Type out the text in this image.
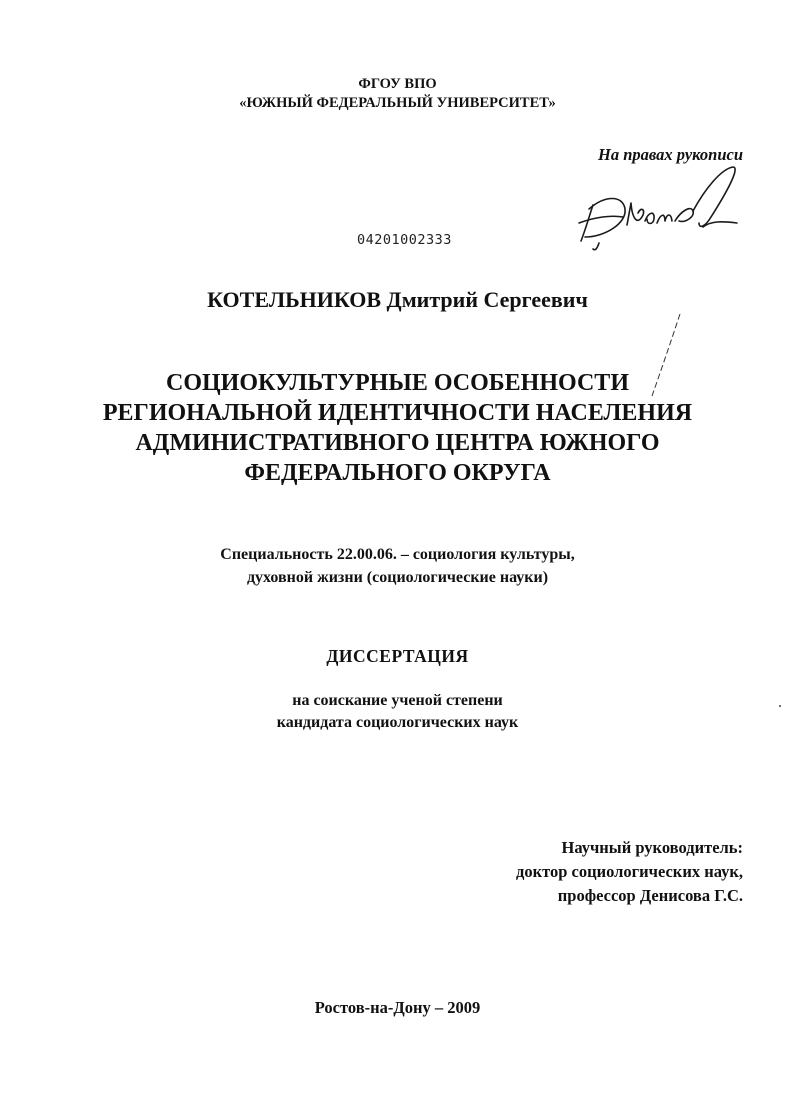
ФГОУ ВПО
«ЮЖНЫЙ ФЕДЕРАЛЬНЫЙ УНИВЕРСИТЕТ»
На правах рукописи
04201002333
КОТЕЛЬНИКОВ Дмитрий Сергеевич
СОЦИОКУЛЬТУРНЫЕ ОСОБЕННОСТИ
РЕГИОНАЛЬНОЙ ИДЕНТИЧНОСТИ НАСЕЛЕНИЯ
АДМИНИСТРАТИВНОГО ЦЕНТРА ЮЖНОГО
ФЕДЕРАЛЬНОГО ОКРУГА
Специальность 22.00.06. – социология культуры,
духовной жизни (социологические науки)
ДИССЕРТАЦИЯ
на соискание ученой степени
кандидата социологических наук
Научный руководитель:
доктор социологических наук,
профессор Денисова Г.С.
Ростов-на-Дону – 2009
